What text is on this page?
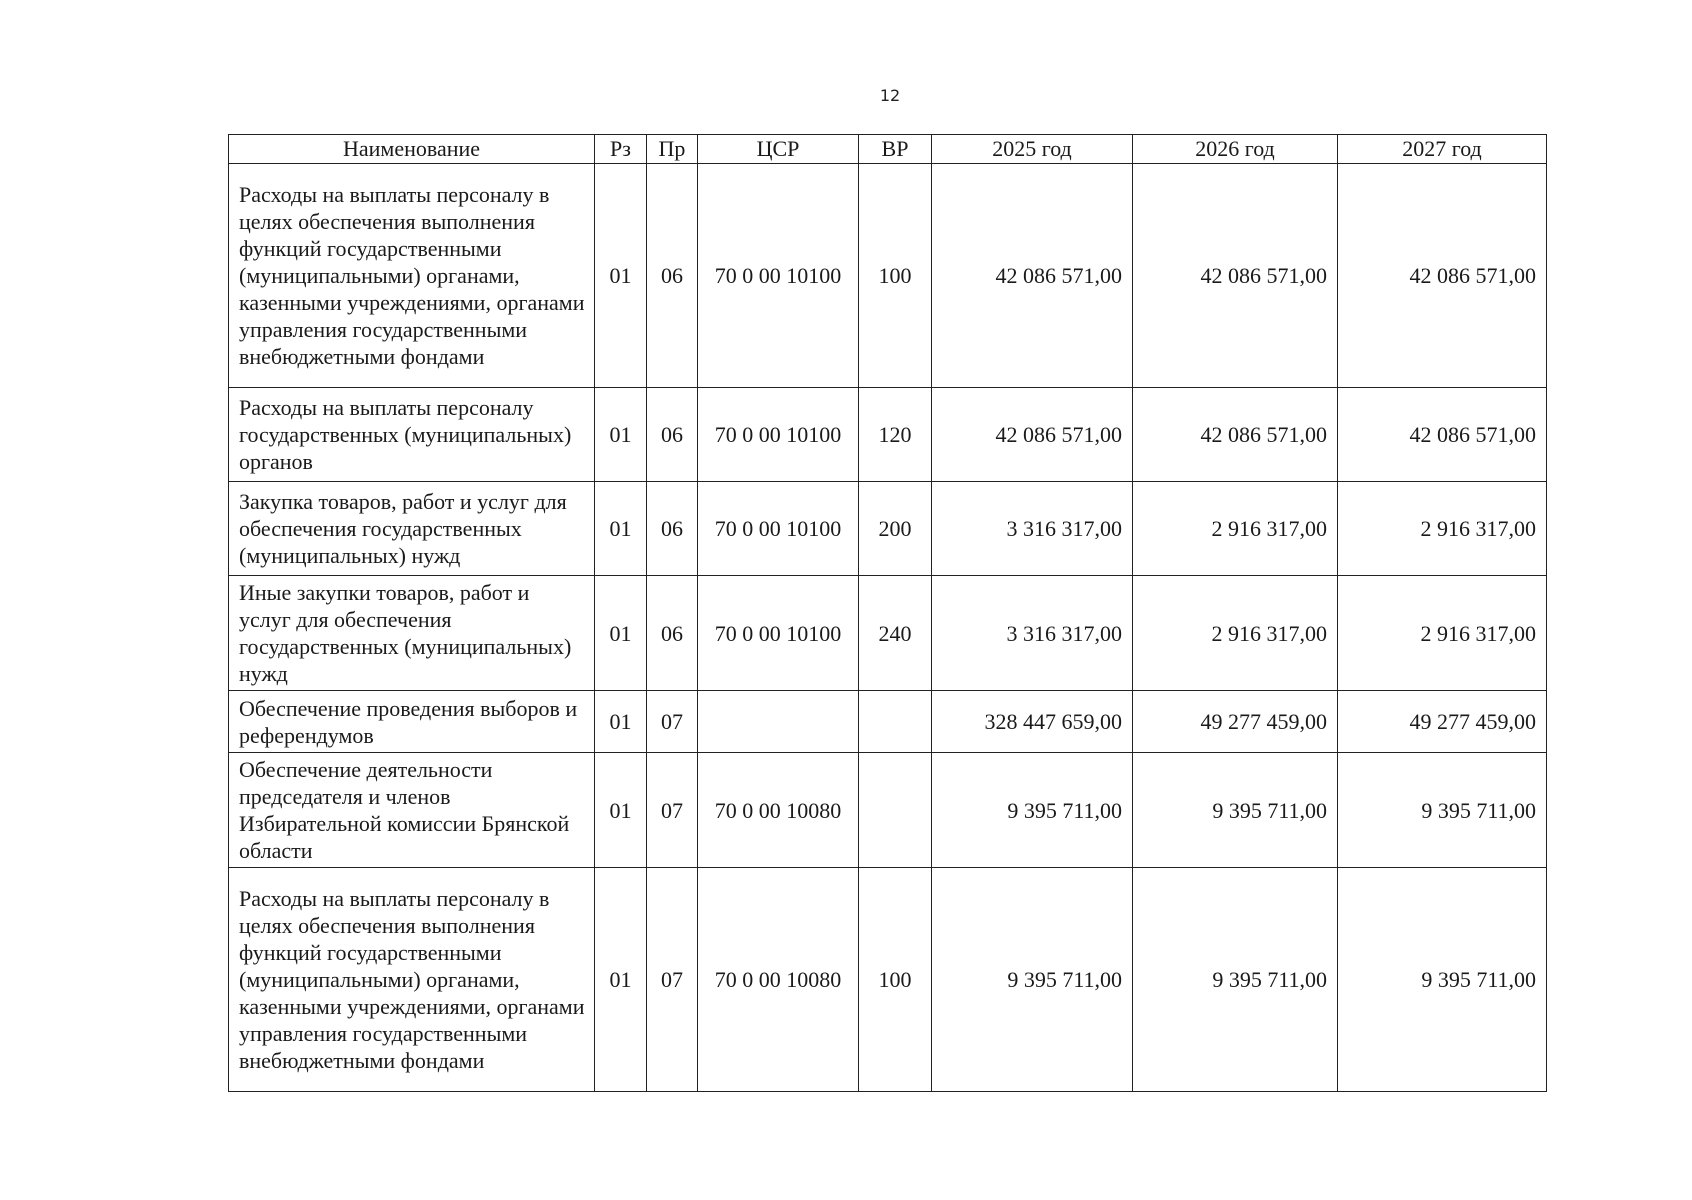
12
Наименование	Рз	Пр	ЦСР	ВР	2025 год	2026 год	2027 год
Расходы на выплаты персоналу в целях обеспечения выполнения функций государственными (муниципальными) органами, казенными учреждениями, органами управления государственными внебюджетными фондами	01	06	70 0 00 10100	100	42 086 571,00	42 086 571,00	42 086 571,00
Расходы на выплаты персоналу государственных (муниципальных) органов	01	06	70 0 00 10100	120	42 086 571,00	42 086 571,00	42 086 571,00
Закупка товаров, работ и услуг для обеспечения государственных (муниципальных) нужд	01	06	70 0 00 10100	200	3 316 317,00	2 916 317,00	2 916 317,00
Иные закупки товаров, работ и услуг для обеспечения государственных (муниципальных) нужд	01	06	70 0 00 10100	240	3 316 317,00	2 916 317,00	2 916 317,00
Обеспечение проведения выборов и референдумов	01	07			328 447 659,00	49 277 459,00	49 277 459,00
Обеспечение деятельности председателя и членов Избирательной комиссии Брянской области	01	07	70 0 00 10080		9 395 711,00	9 395 711,00	9 395 711,00
Расходы на выплаты персоналу в целях обеспечения выполнения функций государственными (муниципальными) органами, казенными учреждениями, органами управления государственными внебюджетными фондами	01	07	70 0 00 10080	100	9 395 711,00	9 395 711,00	9 395 711,00
